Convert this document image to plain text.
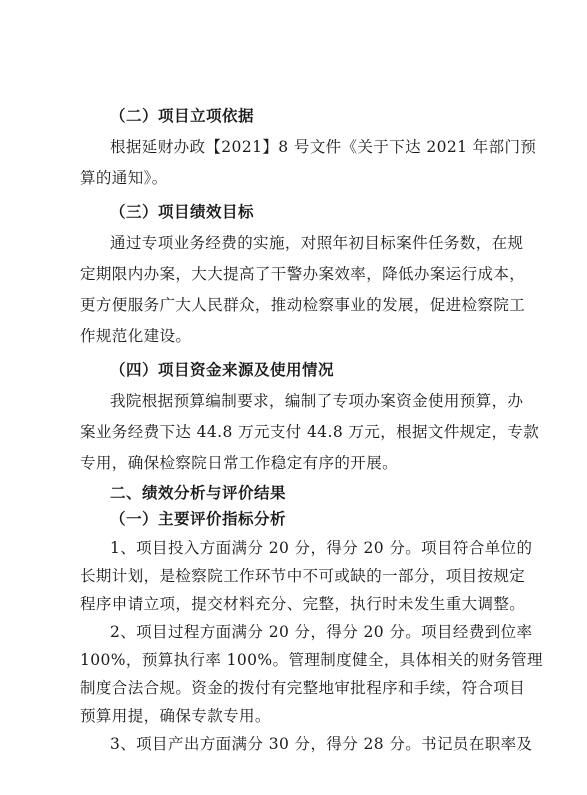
（二）项目立项依据
根据延财办政【2021】8 号文件《关于下达 2021 年部门预
算的通知》。
（三）项目绩效目标
通过专项业务经费的实施，对照年初目标案件任务数，在规
定期限内办案，大大提高了干警办案效率，降低办案运行成本，
更方便服务广大人民群众，推动检察事业的发展，促进检察院工
作规范化建设。
（四）项目资金来源及使用情况
我院根据预算编制要求，编制了专项办案资金使用预算，办
案业务经费下达 44.8 万元支付 44.8 万元，根据文件规定，专款
专用，确保检察院日常工作稳定有序的开展。
二、绩效分析与评价结果
（一）主要评价指标分析
1、项目投入方面满分 20 分，得分 20 分。项目符合单位的
长期计划，是检察院工作环节中不可或缺的一部分，项目按规定
程序申请立项，提交材料充分、完整，执行时未发生重大调整。
2、项目过程方面满分 20 分，得分 20 分。项目经费到位率
100%，预算执行率 100%。管理制度健全，具体相关的财务管理
制度合法合规。资金的拨付有完整地审批程序和手续，符合项目
预算用提，确保专款专用。
3、项目产出方面满分 30 分，得分 28 分。书记员在职率及
